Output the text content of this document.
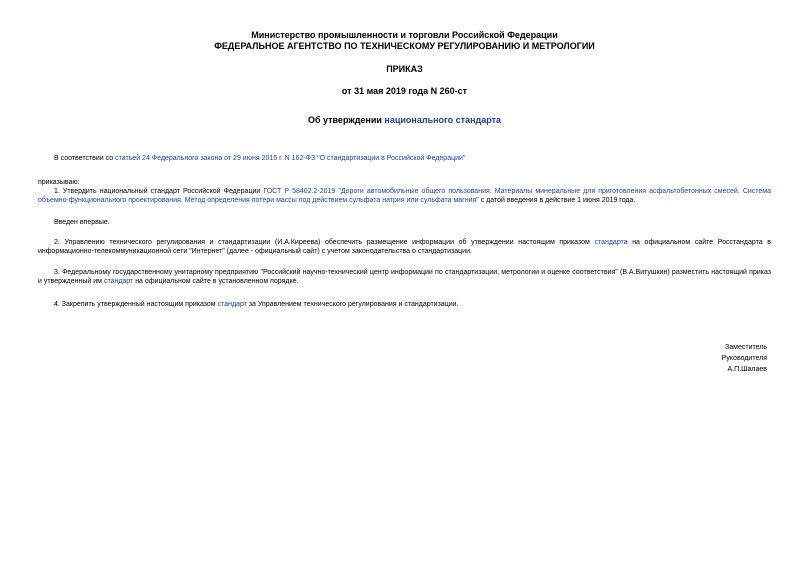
Министерство промышленности и торговли Российской Федерации
ФЕДЕРАЛЬНОЕ АГЕНТСТВО ПО ТЕХНИЧЕСКОМУ РЕГУЛИРОВАНИЮ И МЕТРОЛОГИИ
ПРИКАЗ
от 31 мая 2019 года N 260-ст
Об утверждении национального стандарта

В соответствии со статьей 24 Федерального закона от 29 июня 2015 г. N 162-ФЗ "О стандартизации в Российской Федерации"

приказываю:

1. Утвердить национальный стандарт Российской Федерации ГОСТ Р 58402.2-2019 "Дороги автомобильные общего пользования. Материалы минеральные для приготовления асфальтобетонных смесей. Система объемно-функционального проектирования. Метод определения потери массы под действием сульфата натрия или сульфата магния" с датой введения в действие 1 июня 2019 года.

Введен впервые.

2. Управлению технического регулирования и стандартизации (И.А.Киреева) обеспечить размещение информации об утверждении настоящим приказом стандарта на официальном сайте Росстандарта в информационно-телекоммуникационной сети "Интернет" (далее - официальный сайт) с учетом законодательства о стандартизации.

3. Федеральному государственному унитарному предприятию "Российский научно-технический центр информации по стандартизации, метрологии и оценке соответствия" (В.А.Витушкин) разместить настоящий приказ и утвержденный им стандарт на официальном сайте в установленном порядке.

4. Закрепить утвержденный настоящим приказом стандарт за Управлением технического регулирования и стандартизации.

Заместитель
Руководителя
А.П.Шалаев
